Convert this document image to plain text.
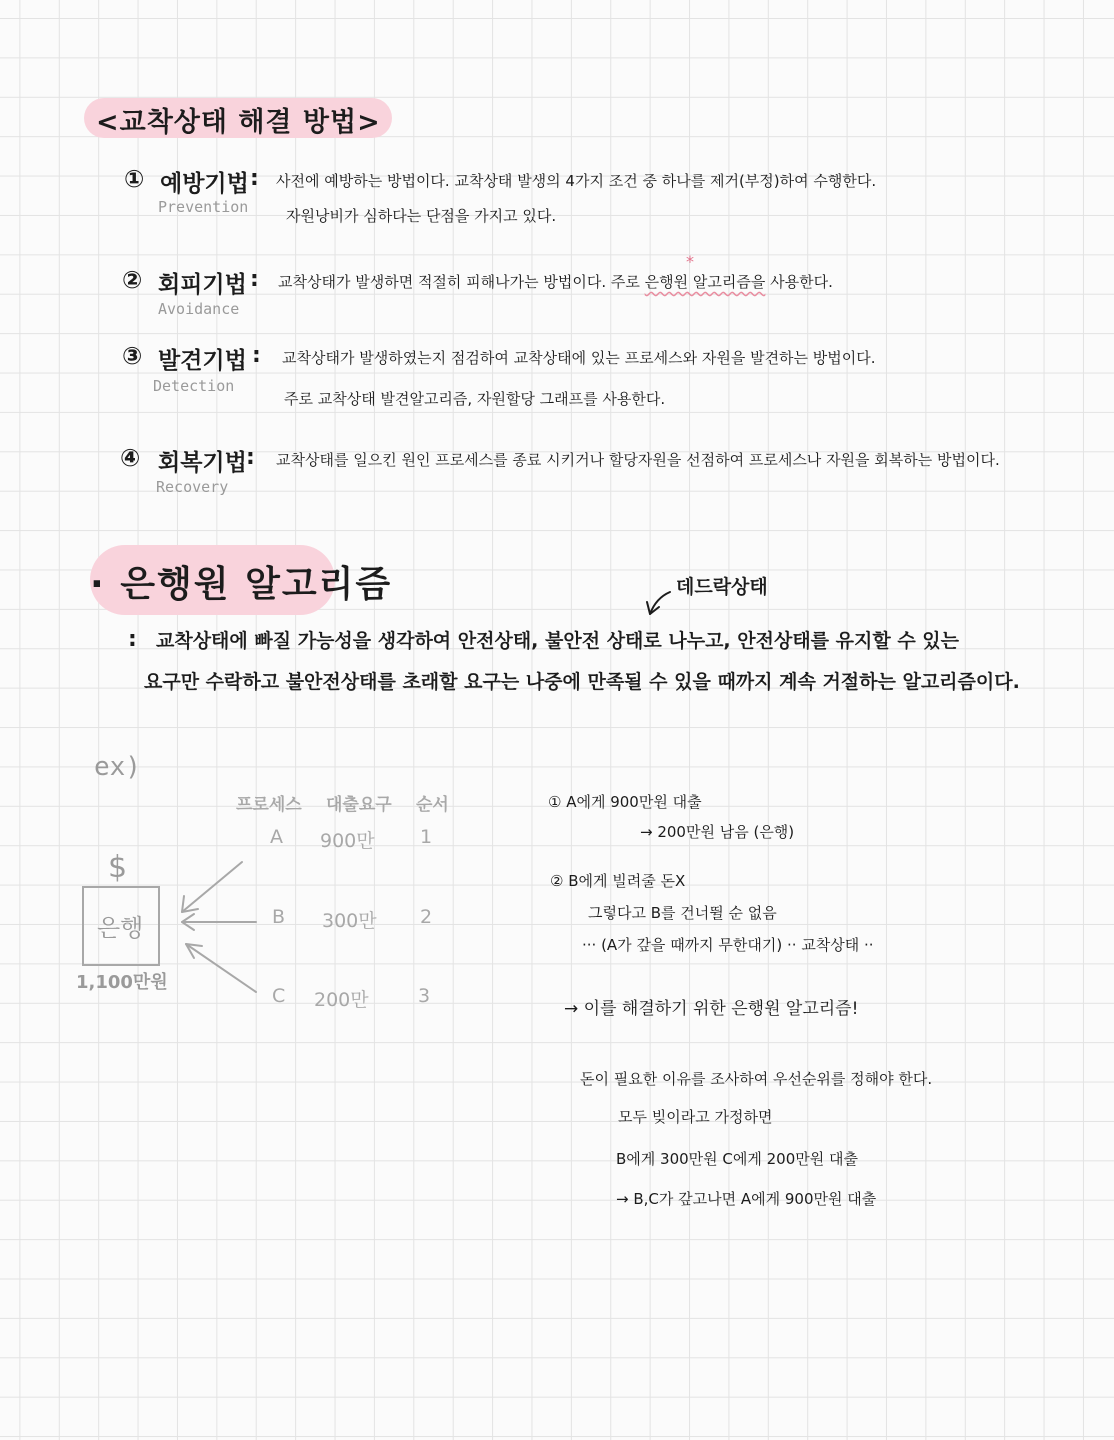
<교착상태 해결 방법>
① 예방기법 :
Prevention
사전에 예방하는 방법이다. 교착상태 발생의 4가지 조건 중 하나를 제거(부정)하여 수행한다.
자원낭비가 심하다는 단점을 가지고 있다.
② 회피기법 :
Avoidance
교착상태가 발생하면 적절히 피해나가는 방법이다. 주로 은행원 알고리즘을 사용한다.
*
③ 발견기법 :
Detection
교착상태가 발생하였는지 점검하여 교착상태에 있는 프로세스와 자원을 발견하는 방법이다.
주로 교착상태 발견알고리즘, 자원할당 그래프를 사용한다.
④ 회복기법 :
Recovery
교착상태를 일으킨 원인 프로세스를 종료 시키거나 할당자원을 선점하여 프로세스나 자원을 회복하는 방법이다.
· 은행원 알고리즘	데드락상태
: 교착상태에 빠질 가능성을 생각하여 안전상태, 불안전 상태로 나누고, 안전상태를 유지할 수 있는
요구만 수락하고 불안전상태를 초래할 요구는 나중에 만족될 수 있을 때까지 계속 거절하는 알고리즘이다.
ex)
$
은행
1,100만원
프로세스 대출요구 순서
A 900만 1
B 300만 2
C 200만	3
① A에게 900만원 대출
→ 200만원 남음 (은행)
② B에게 빌려줄 돈X
그렇다고 B를 건너뛸 순 없음
··· (A가 갚을 때까지 무한대기) ·· 교착상태 ··
→ 이를 해결하기 위한 은행원 알고리즘!
돈이 필요한 이유를 조사하여 우선순위를 정해야 한다.
모두 빚이라고 가정하면
B에게 300만원 C에게 200만원 대출
→ B,C가 갚고나면 A에게 900만원 대출
